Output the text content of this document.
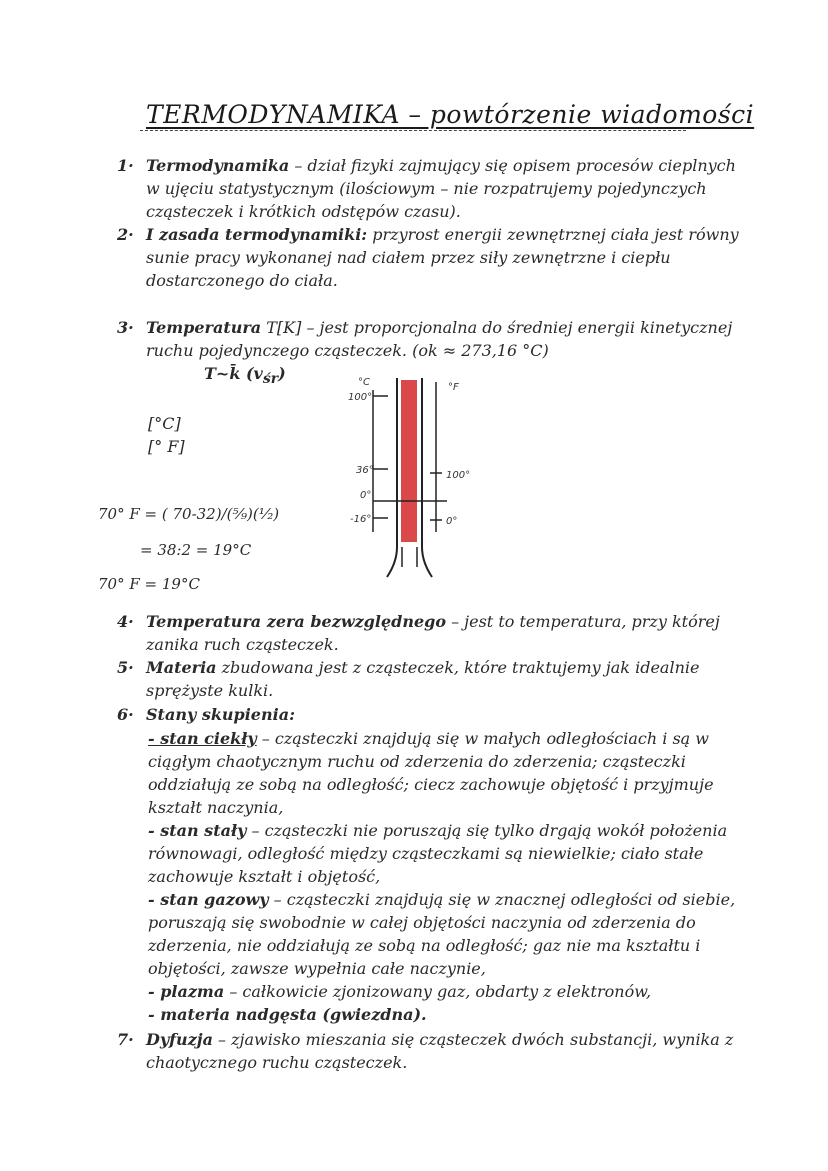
TERMODYNAMIKA – powtórzenie wiadomości
1· Termodynamika – dział fizyki zajmujący się opisem procesów cieplnych
w ujęciu statystycznym (ilościowym – nie rozpatrujemy pojedynczych
cząsteczek i krótkich odstępów czasu).
2· I zasada termodynamiki: przyrost energii zewnętrznej ciała jest równy
sunie pracy wykonanej nad ciałem przez siły zewnętrzne i ciepłu
dostarczonego do ciała.
3· Temperatura T[K] – jest proporcjonalna do średniej energii kinetycznej
ruchu pojedynczego cząsteczek. (ok ≈ 273,16 °C)
T~k̄ $(v_{śr})$
[°C]
[° F]
°C	°F
100°
36°
0°
-16°
100°
0°
70° F = ( 70-32)/(⁵⁄₉)(¹⁄₂)
= 38:2 = 19°C
70° F = 19°C
4· Temperatura zera bezwzględnego – jest to temperatura, przy której
zanika ruch cząsteczek.
5· Materia zbudowana jest z cząsteczek, które traktujemy jak idealnie
sprężyste kulki.
6· Stany skupienia:
- stan ciekły – cząsteczki znajdują się w małych odległościach i są w
ciągłym chaotycznym ruchu od zderzenia do zderzenia; cząsteczki
oddziałują ze sobą na odległość; ciecz zachowuje objętość i przyjmuje
kształt naczynia,
- stan stały – cząsteczki nie poruszają się tylko drgają wokół położenia
równowagi, odległość między cząsteczkami są niewielkie; ciało stałe
zachowuje kształt i objętość,
- stan gazowy – cząsteczki znajdują się w znacznej odległości od siebie,
poruszają się swobodnie w całej objętości naczynia od zderzenia do
zderzenia, nie oddziałują ze sobą na odległość; gaz nie ma kształtu i
objętości, zawsze wypełnia całe naczynie,
- plazma – całkowicie zjonizowany gaz, obdarty z elektronów,
- materia nadgęsta (gwiezdna).
7· Dyfuzja – zjawisko mieszania się cząsteczek dwóch substancji, wynika z
chaotycznego ruchu cząsteczek.
